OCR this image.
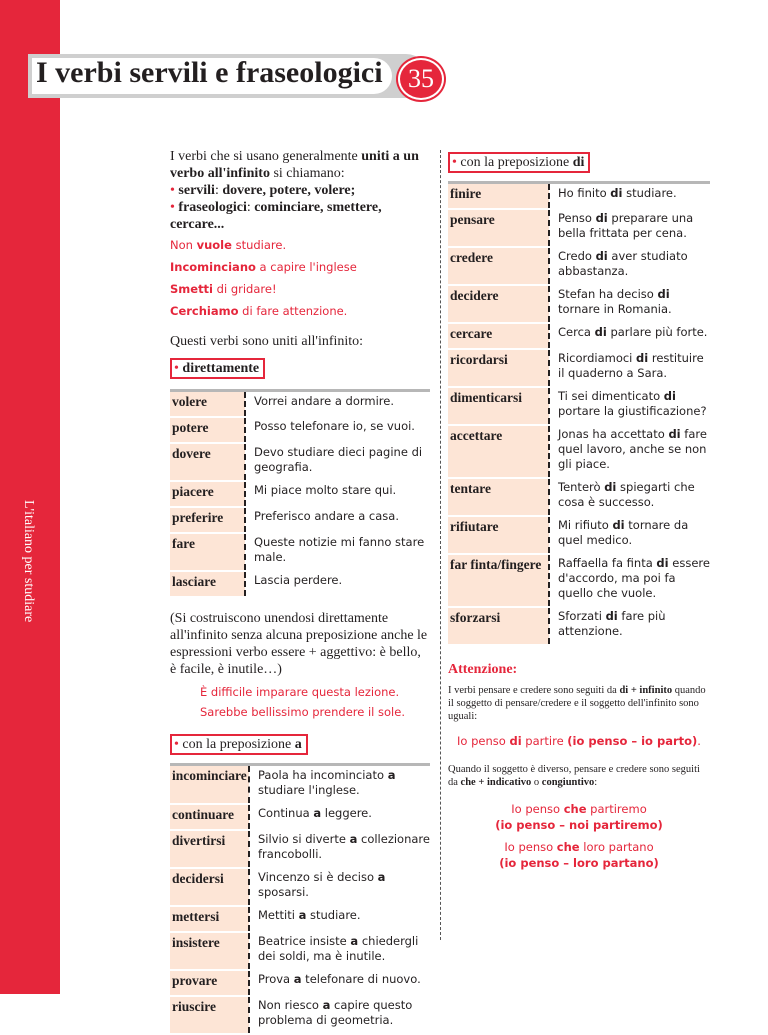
L'italiano per studiare
I verbi servili e fraseologici 35

I verbi che si usano generalmente uniti a un verbo all'infinito si chiamano:

• servili: dovere, potere, volere;

• fraseologici: cominciare, smettere, cercare...

Non vuole studiare.

Incominciano a capire l'inglese

Smetti di gridare!

Cerchiamo di fare attenzione.

Questi verbi sono uniti all'infinito:

• direttamente
volere	Vorrei andare a dormire.
potere	Posso telefonare io, se vuoi.
dovere	Devo studiare dieci pagine di geografia.
piacere	Mi piace molto stare qui.
preferire	Preferisco andare a casa.
fare	Queste notizie mi fanno stare male.
lasciare	Lascia perdere.

(Si costruiscono unendosi direttamente all'infinito senza alcuna preposizione anche le espressioni verbo essere + aggettivo: è bello, è facile, è inutile…)

È difficile imparare questa lezione.

Sarebbe bellissimo prendere il sole.

• con la preposizione a
incominciare	Paola ha incominciato a studiare l'inglese.
continuare	Continua a leggere.
divertirsi	Silvio si diverte a collezionare francobolli.
decidersi	Vincenzo si è deciso a sposarsi.
mettersi	Mettiti a studiare.
insistere	Beatrice insiste a chiedergli dei soldi, ma è inutile.
provare	Prova a telefonare di nuovo.
riuscire	Non riesco a capire questo problema di geometria.
• con la preposizione di
finire	Ho finito di studiare.
pensare	Penso di preparare una bella frittata per cena.
credere	Credo di aver studiato abbastanza.
decidere	Stefan ha deciso di tornare in Romania.
cercare	Cerca di parlare più forte.
ricordarsi	Ricordiamoci di restituire il quaderno a Sara.
dimenticarsi	Ti sei dimenticato di portare la giustificazione?
accettare	Jonas ha accettato di fare quel lavoro, anche se non gli piace.
tentare	Tenterò di spiegarti che cosa è successo.
rifiutare	Mi rifiuto di tornare da quel medico.
far finta/fingere	Raffaella fa finta di essere d'accordo, ma poi fa quello che vuole.
sforzarsi	Sforzati di fare più attenzione.

Attenzione:

I verbi pensare e credere sono seguiti da di + infinito quando il soggetto di pensare/credere e il soggetto dell'infinito sono uguali:

Io penso di partire (io penso – io parto).

Quando il soggetto è diverso, pensare e credere sono seguiti da che + indicativo o congiuntivo:

Io penso che partiremo

(io penso – noi partiremo)

Io penso che loro partano

(io penso – loro partano)
